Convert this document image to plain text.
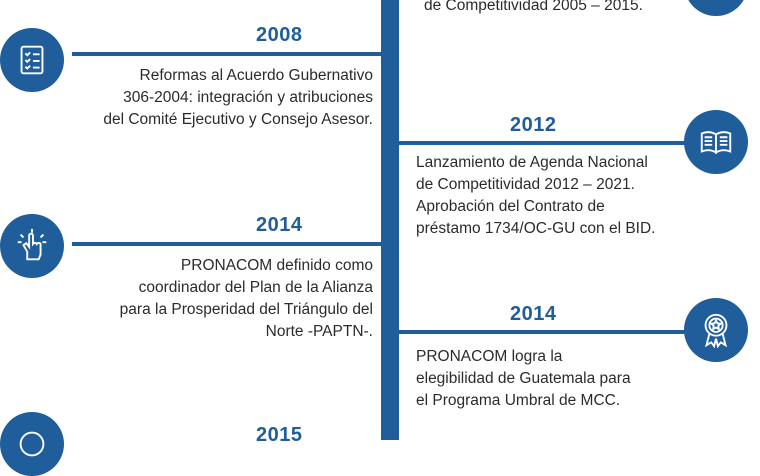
de Competitividad 2005 – 2015.
2008
Reformas al Acuerdo Gubernativo
306-2004: integración y atribuciones
del Comité Ejecutivo y Consejo Asesor.	2012
Lanzamiento de Agenda Nacional
de Competitividad 2012 – 2021.
Aprobación del Contrato de
préstamo 1734/OC-GU con el BID.
2014
PRONACOM definido como
coordinador del Plan de la Alianza
para la Prosperidad del Triángulo del
Norte -PAPTN-.
2014
PRONACOM logra la
elegibilidad de Guatemala para
el Programa Umbral de MCC.
2015
